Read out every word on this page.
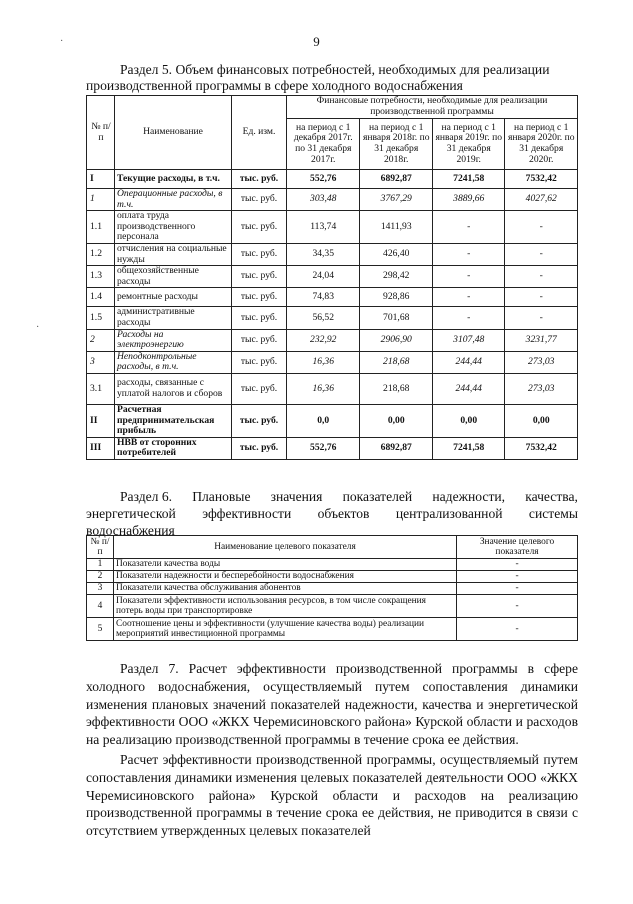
9
Раздел 5. Объем финансовых потребностей, необходимых для реализации
производственной программы в сфере холодного водоснабжения
№ п/п	Наименование	Ед. изм.	Финансовые потребности, необходимые для реализации производственной программы			
			на период с 1 декабря 2017г. по 31 декабря 2017г.	на период с 1 января 2018г. по 31 декабря 2018г.	на период с 1 января 2019г. по 31 декабря 2019г.	на период с 1 января 2020г. по 31 декабря 2020г.
I	Текущие расходы, в т.ч.	тыс. руб.	552,76	6892,87	7241,58	7532,42
1	Операционные расходы, в т.ч.	тыс. руб.	303,48	3767,29	3889,66	4027,62
1.1	оплата труда производственного персонала	тыс. руб.	113,74	1411,93	-	-
1.2	отчисления на социальные нужды	тыс. руб.	34,35	426,40	-	-
1.3	общехозяйственные расходы	тыс. руб.	24,04	298,42	-	-
1.4	ремонтные расходы	тыс. руб.	74,83	928,86	-	-
1.5	административные расходы	тыс. руб.	56,52	701,68	-	-
2	Расходы на электроэнергию	тыс. руб.	232,92	2906,90	3107,48	3231,77
3	Неподконтрольные расходы, в т.ч.	тыс. руб.	16,36	218,68	244,44	273,03
3.1	расходы, связанные с уплатой налогов и сборов	тыс. руб.	16,36	218,68	244,44	273,03
II	Расчетная предпринимательская прибыль	тыс. руб.	0,0	0,00	0,00	0,00
III	НВВ от сторонних потребителей	тыс. руб.	552,76	6892,87	7241,58	7532,42
Раздел 6. Плановые значения показателей надежности, качества,
энергетической эффективности объектов централизованной системы
водоснабжения
№ п/п	Наименование целевого показателя	Значение целевого показателя
1	Показатели качества воды	-
2	Показатели надежности и бесперебойности водоснабжения	-
3	Показатели качества обслуживания абонентов	-
4	Показатели эффективности использования ресурсов, в том числе сокращения потерь воды при транспортировке	-
5	Соотношение цены и эффективности (улучшение качества воды) реализации мероприятий инвестиционной программы	-

Раздел 7. Расчет эффективности производственной программы в сфере холодного водоснабжения, осуществляемый путем сопоставления динамики изменения плановых значений показателей надежности, качества и энергетической эффективности ООО «ЖКХ Черемисиновского района» Курской области и расходов на реализацию производственной программы в течение срока ее действия.

Расчет эффективности производственной программы, осуществляемый путем сопоставления динамики изменения целевых показателей деятельности ООО «ЖКХ Черемисиновского района» Курской области и расходов на реализацию производственной программы в течение срока ее действия, не приводится в связи с отсутствием утвержденных целевых показателей

·
·
